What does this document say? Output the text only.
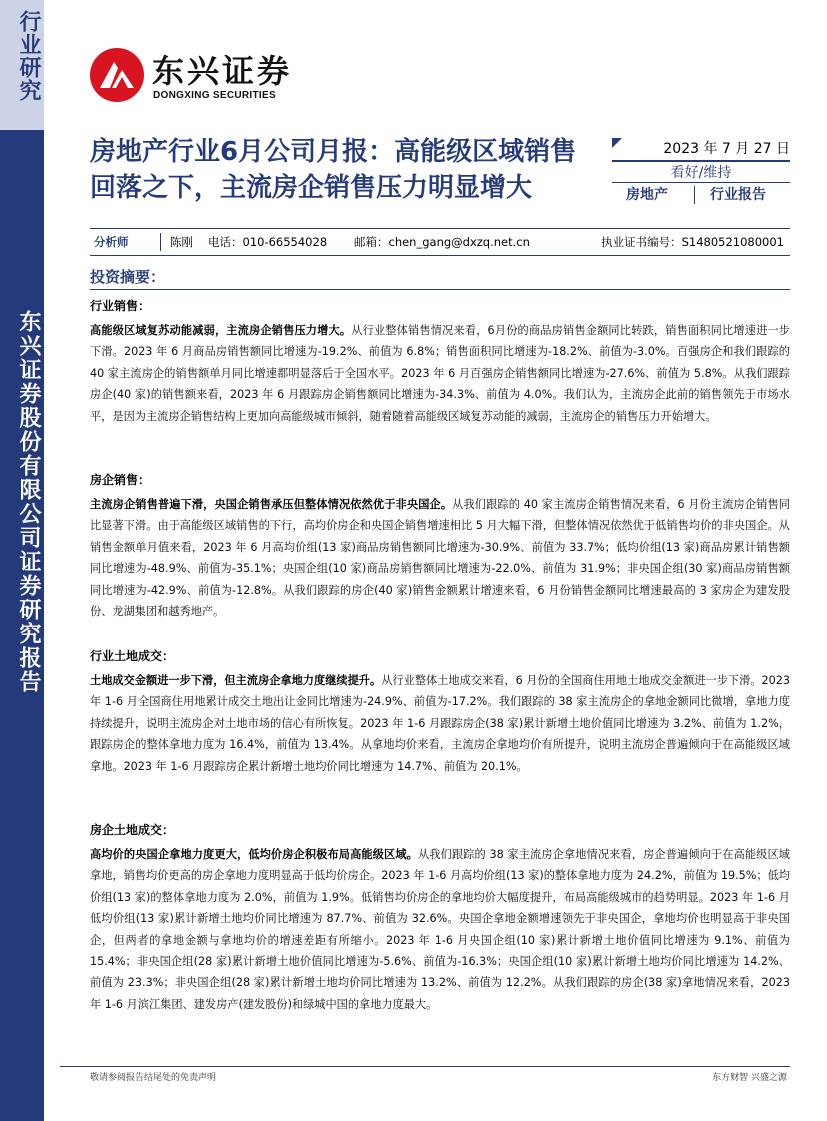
行业研究
东兴证券股份有限公司证券研究报告
东兴证券
DONGXING SECURITIES
房地产行业6月公司月报：高能级区域销售回落之下，主流房企销售压力明显增大
2023 年 7 月 27 日
看好/维持
房地产	行业报告
分析师	陈刚 电话：010-66554028 邮箱：chen_gang@dxzq.net.cn	执业证书编号：S1480521080001
投资摘要：
行业销售：

高能级区域复苏动能减弱，主流房企销售压力增大。从行业整体销售情况来看，6月份的商品房销售金额同比转跌，销售面积同比增速进一步下滑。2023 年 6 月商品房销售额同比增速为-19.2%、前值为 6.8%；销售面积同比增速为-18.2%、前值为-3.0%。百强房企和我们跟踪的 40 家主流房企的销售额单月同比增速都明显落后于全国水平。2023 年 6 月百强房企销售额同比增速为-27.6%、前值为 5.8%。从我们跟踪房企(40 家)的销售额来看，2023 年 6 月跟踪房企销售额同比增速为-34.3%、前值为 4.0%。我们认为，主流房企此前的销售领先于市场水平，是因为主流房企销售结构上更加向高能级城市倾斜，随着随着高能级区域复苏动能的减弱，主流房企的销售压力开始增大。

房企销售：

主流房企销售普遍下滑，央国企销售承压但整体情况依然优于非央国企。从我们跟踪的 40 家主流房企销售情况来看，6 月份主流房企销售同比显著下滑。由于高能级区域销售的下行，高均价房企和央国企销售增速相比 5 月大幅下滑，但整体情况依然优于低销售均价的非央国企。从销售金额单月值来看，2023 年 6 月高均价组(13 家)商品房销售额同比增速为-30.9%、前值为 33.7%；低均价组(13 家)商品房累计销售额同比增速为-48.9%、前值为-35.1%；央国企组(10 家)商品房销售额同比增速为-22.0%、前值为 31.9%；非央国企组(30 家)商品房销售额同比增速为-42.9%、前值为-12.8%。从我们跟踪的房企(40 家)销售金额累计增速来看，6 月份销售金额同比增速最高的 3 家房企为建发股份、龙湖集团和越秀地产。

行业土地成交：

土地成交金额进一步下滑，但主流房企拿地力度继续提升。从行业整体土地成交来看，6 月份的全国商住用地土地成交金额进一步下滑。2023 年 1-6 月全国商住用地累计成交土地出让金同比增速为-24.9%、前值为-17.2%。我们跟踪的 38 家主流房企的拿地金额同比微增，拿地力度持续提升，说明主流房企对土地市场的信心有所恢复。2023 年 1-6 月跟踪房企(38 家)累计新增土地价值同比增速为 3.2%、前值为 1.2%，跟踪房企的整体拿地力度为 16.4%，前值为 13.4%。从拿地均价来看，主流房企拿地均价有所提升，说明主流房企普遍倾向于在高能级区域拿地。2023 年 1-6 月跟踪房企累计新增土地均价同比增速为 14.7%、前值为 20.1%。

房企土地成交：

高均价的央国企拿地力度更大，低均价房企积极布局高能级区域。从我们跟踪的 38 家主流房企拿地情况来看，房企普遍倾向于在高能级区域拿地，销售均价更高的房企拿地力度明显高于低均价房企。2023 年 1-6 月高均价组(13 家)的整体拿地力度为 24.2%，前值为 19.5%；低均价组(13 家)的整体拿地力度为 2.0%，前值为 1.9%。低销售均价房企的拿地均价大幅度提升，布局高能级城市的趋势明显。2023 年 1-6 月低均价组(13 家)累计新增土地均价同比增速为 87.7%、前值为 32.6%。央国企拿地金额增速领先于非央国企，拿地均价也明显高于非央国企，但两者的拿地金额与拿地均价的增速差距有所缩小。2023 年 1-6 月央国企组(10 家)累计新增土地价值同比增速为 9.1%、前值为 15.4%；非央国企组(28 家)累计新增土地价值同比增速为-5.6%、前值为-16.3%；央国企组(10 家)累计新增土地均价同比增速为 14.2%、前值为 23.3%；非央国企组(28 家)累计新增土地均价同比增速为 13.2%、前值为 12.2%。从我们跟踪的房企(38 家)拿地情况来看，2023 年 1-6 月滨江集团、建发房产(建发股份)和绿城中国的拿地力度最大。

敬请参阅报告结尾处的免责声明	东方财智 兴盛之源
